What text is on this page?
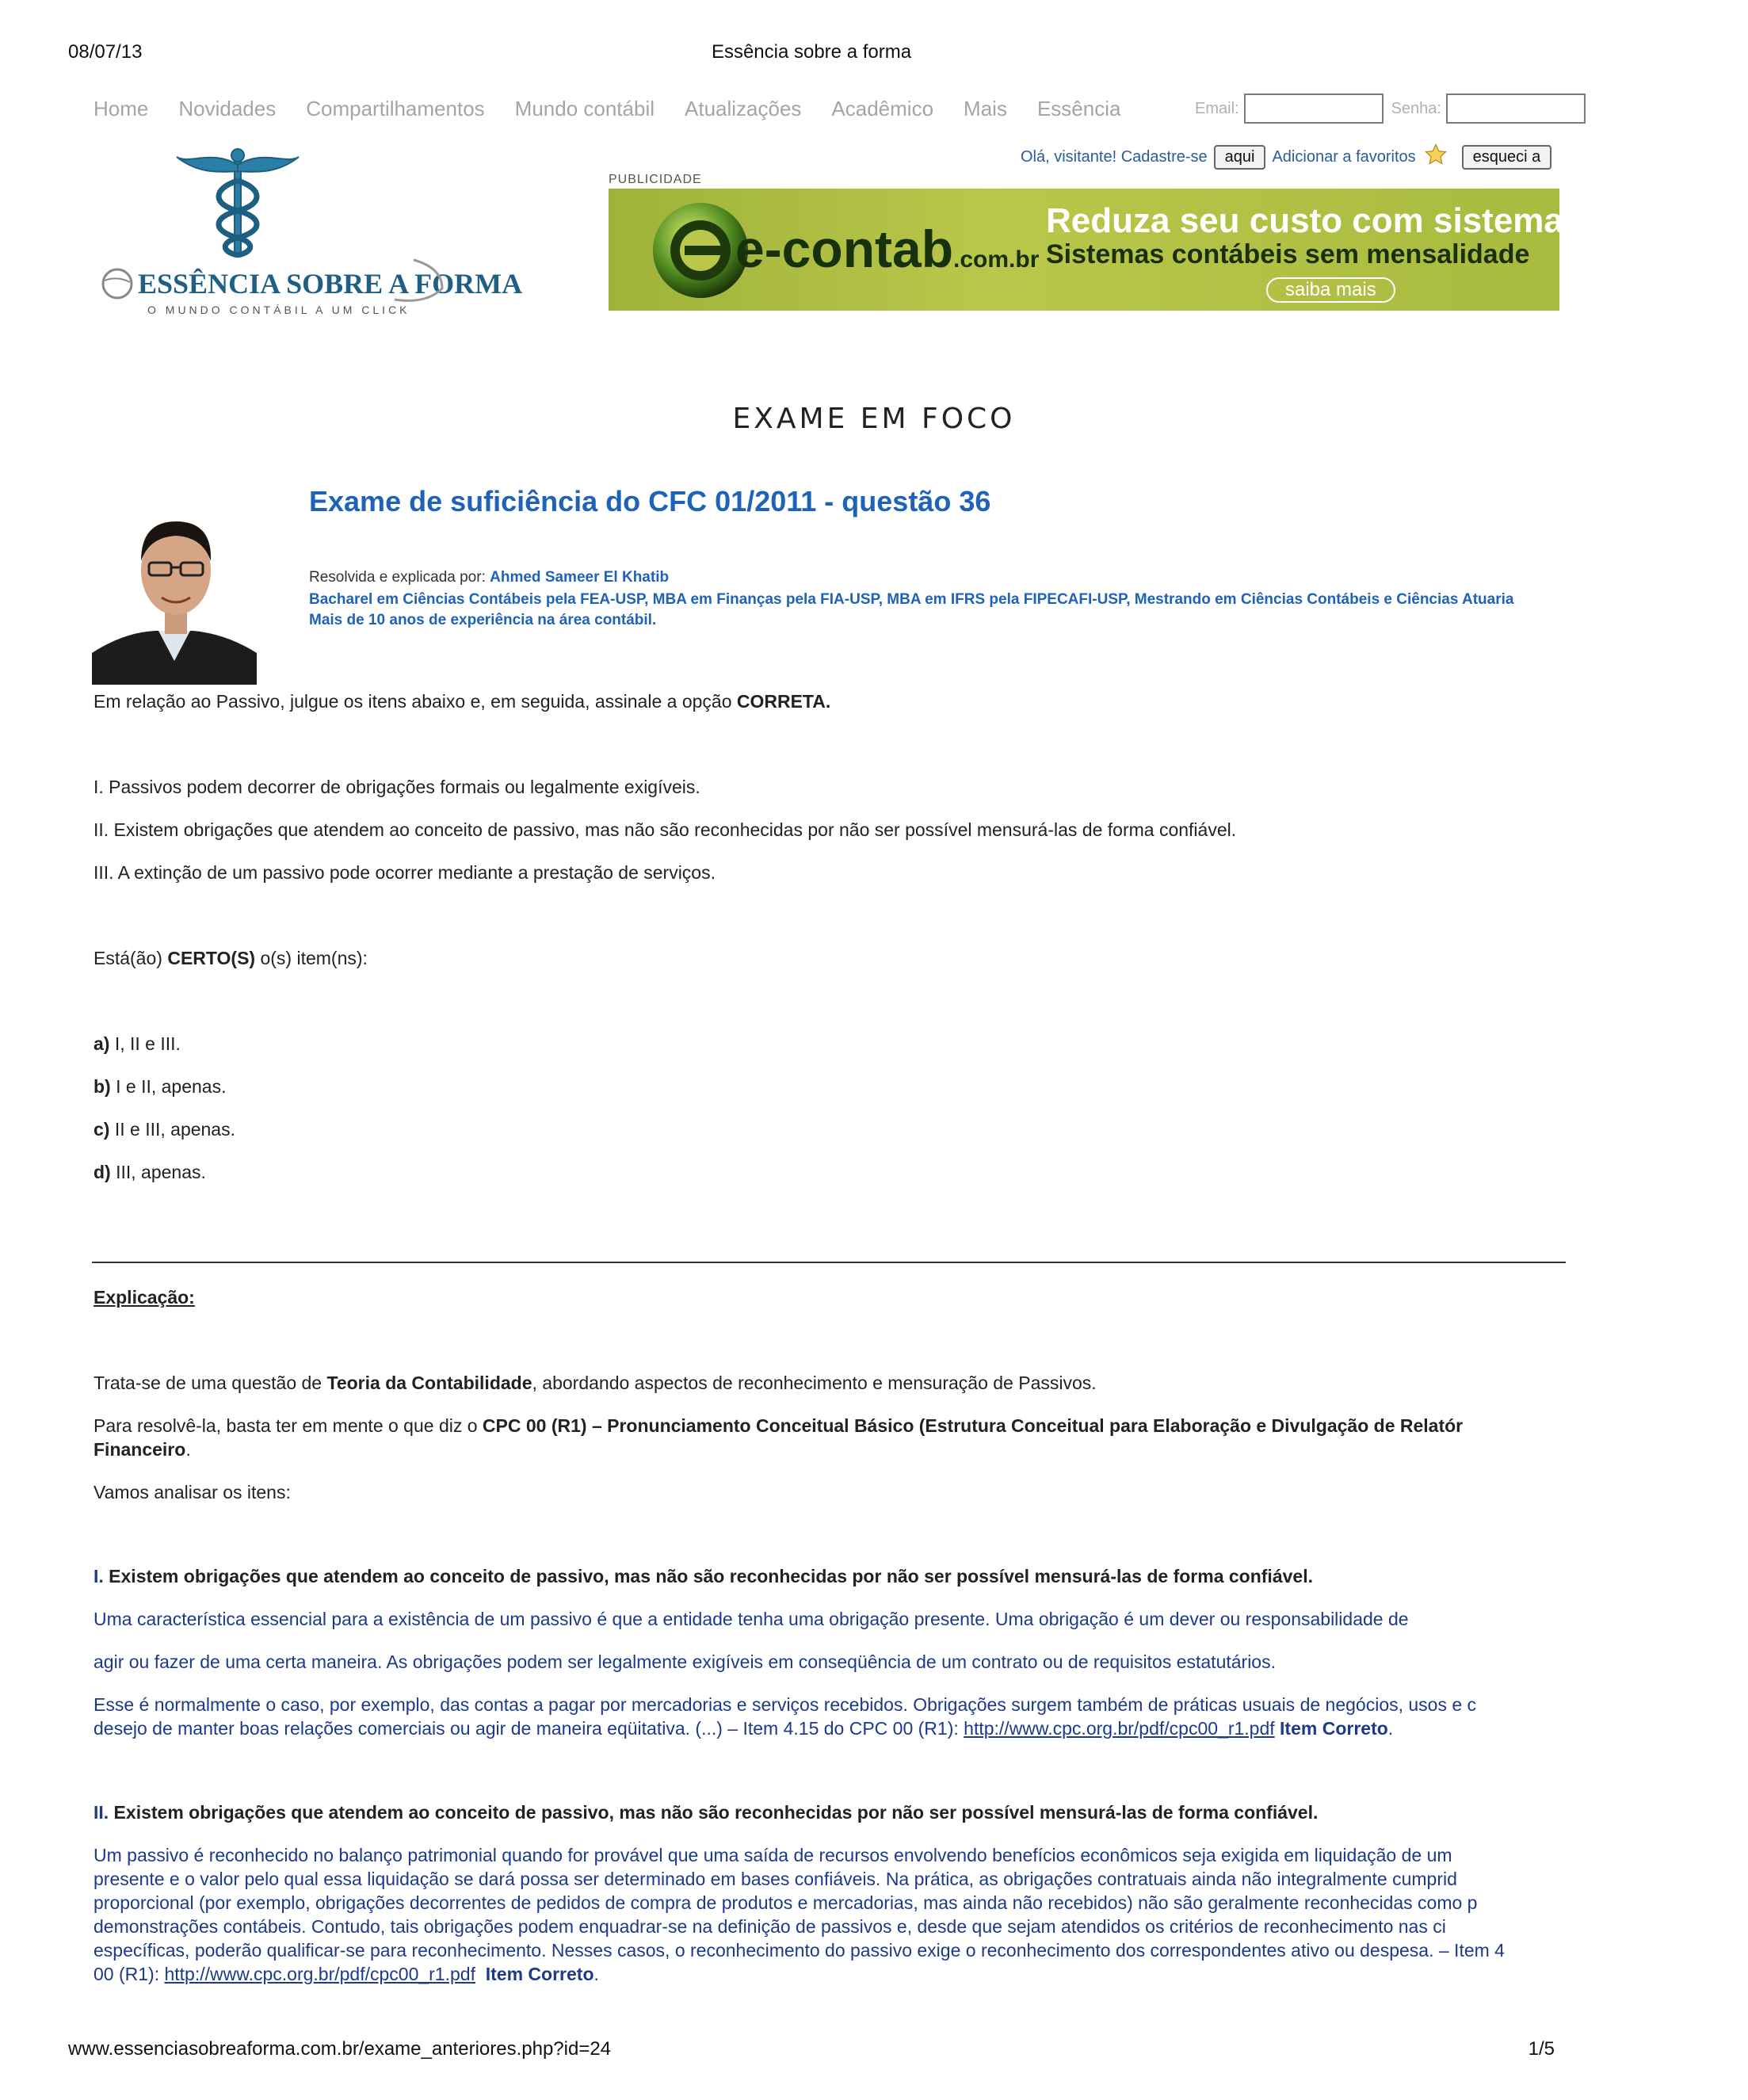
08/07/13	Essência sobre a forma
Home Novidades Compartilhamentos Mundo contábil Atualizações Acadêmico Mais Essência	Email:	Senha:
Olá, visitante! Cadastre-se	aqui	Adicionar a favoritos	esqueci a
ESSÊNCIA SOBRE A FORMA
O MUNDO CONTÁBIL A UM CLICK
PUBLICIDADE
e-contab.com.br
Reduza seu custo com sistemas
Sistemas contábeis sem mensalidade
saiba mais
EXAME EM FOCO
Exame de suficiência do CFC 01/2011 - questão 36
Resolvida e explicada por: Ahmed Sameer El Khatib
Bacharel em Ciências Contábeis pela FEA-USP, MBA em Finanças pela FIA-USP, MBA em IFRS pela FIPECAFI-USP, Mestrando em Ciências Contábeis e Ciências Atuaria
Mais de 10 anos de experiência na área contábil.
Em relação ao Passivo, julgue os itens abaixo e, em seguida, assinale a opção CORRETA.
I. Passivos podem decorrer de obrigações formais ou legalmente exigíveis.
II. Existem obrigações que atendem ao conceito de passivo, mas não são reconhecidas por não ser possível mensurá-las de forma confiável.
III. A extinção de um passivo pode ocorrer mediante a prestação de serviços.
Está(ão) CERTO(S) o(s) item(ns):
a) I, II e III.
b) I e II, apenas.
c) II e III, apenas.
d) III, apenas.
Explicação:
Trata-se de uma questão de Teoria da Contabilidade, abordando aspectos de reconhecimento e mensuração de Passivos.
Para resolvê-la, basta ter em mente o que diz o CPC 00 (R1) – Pronunciamento Conceitual Básico (Estrutura Conceitual para Elaboração e Divulgação de Relatór
Financeiro.
Vamos analisar os itens:
I. Existem obrigações que atendem ao conceito de passivo, mas não são reconhecidas por não ser possível mensurá-las de forma confiável.
Uma característica essencial para a existência de um passivo é que a entidade tenha uma obrigação presente. Uma obrigação é um dever ou responsabilidade de
agir ou fazer de uma certa maneira. As obrigações podem ser legalmente exigíveis em conseqüência de um contrato ou de requisitos estatutários.
Esse é normalmente o caso, por exemplo, das contas a pagar por mercadorias e serviços recebidos. Obrigações surgem também de práticas usuais de negócios, usos e c
desejo de manter boas relações comerciais ou agir de maneira eqüitativa. (...) – Item 4.15 do CPC 00 (R1): http://www.cpc.org.br/pdf/cpc00_r1.pdf Item Correto.
II. Existem obrigações que atendem ao conceito de passivo, mas não são reconhecidas por não ser possível mensurá-las de forma confiável.
Um passivo é reconhecido no balanço patrimonial quando for provável que uma saída de recursos envolvendo benefícios econômicos seja exigida em liquidação de um
presente e o valor pelo qual essa liquidação se dará possa ser determinado em bases confiáveis. Na prática, as obrigações contratuais ainda não integralmente cumprid
proporcional (por exemplo, obrigações decorrentes de pedidos de compra de produtos e mercadorias, mas ainda não recebidos) não são geralmente reconhecidas como p
demonstrações contábeis. Contudo, tais obrigações podem enquadrar-se na definição de passivos e, desde que sejam atendidos os critérios de reconhecimento nas ci
específicas, poderão qualificar-se para reconhecimento. Nesses casos, o reconhecimento do passivo exige o reconhecimento dos correspondentes ativo ou despesa. – Item 4
00 (R1): http://www.cpc.org.br/pdf/cpc00_r1.pdf Item Correto.
www.essenciasobreaforma.com.br/exame_anteriores.php?id=24	1/5
